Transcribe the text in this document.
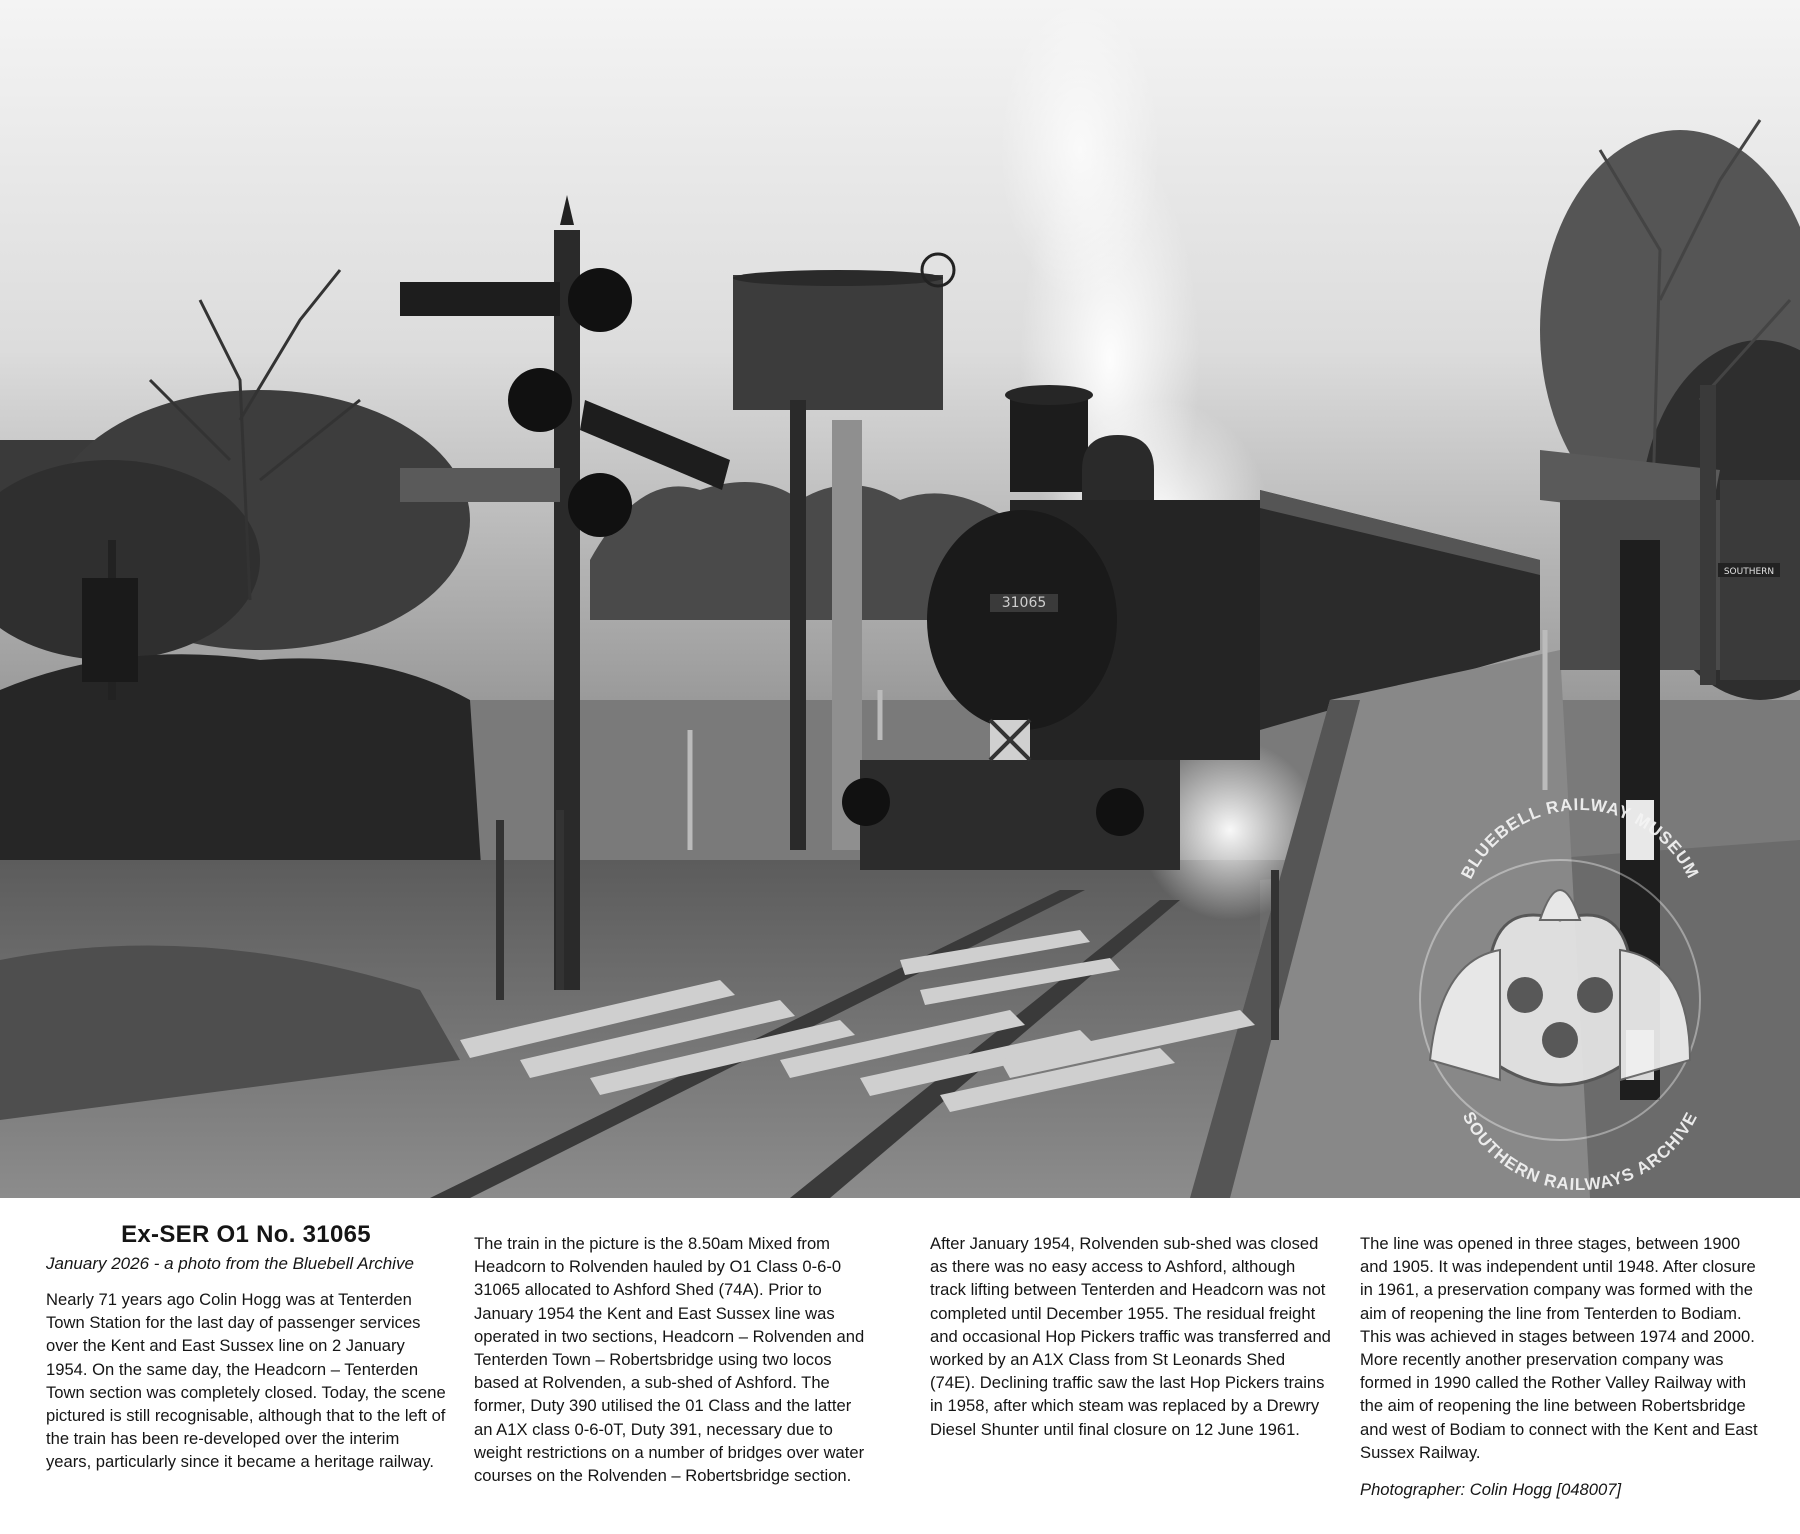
31065
SOUTHERN
BLUEBELL RAILWAY MUSEUM
SOUTHERN RAILWAYS ARCHIVE

Ex-SER O1 No. 31065

January 2026 - a photo from the Bluebell Archive

Nearly 71 years ago Colin Hogg was at Tenterden Town Station for the last day of passenger services over the Kent and East Sussex line on 2 January 1954. On the same day, the Headcorn – Tenterden Town section was completely closed. Today, the scene pictured is still recognisable, although that to the left of the train has been re-developed over the interim years, particularly since it became a heritage railway.

The train in the picture is the 8.50am Mixed from Headcorn to Rolvenden hauled by O1 Class 0-6-0 31065 allocated to Ashford Shed (74A). Prior to January 1954 the Kent and East Sussex line was operated in two sections, Headcorn – Rolvenden and Tenterden Town – Robertsbridge using two locos based at Rolvenden, a sub-shed of Ashford. The former, Duty 390 utilised the 01 Class and the latter an A1X class 0-6-0T, Duty 391, necessary due to weight restrictions on a number of bridges over water courses on the Rolvenden – Robertsbridge section.

After January 1954, Rolvenden sub-shed was closed as there was no easy access to Ashford, although track lifting between Tenterden and Headcorn was not completed until December 1955. The residual freight and occasional Hop Pickers traffic was transferred and worked by an A1X Class from St Leonards Shed (74E). Declining traffic saw the last Hop Pickers trains in 1958, after which steam was replaced by a Drewry Diesel Shunter until final closure on 12 June 1961.

The line was opened in three stages, between 1900 and 1905. It was independent until 1948. After closure in 1961, a preservation company was formed with the aim of reopening the line from Tenterden to Bodiam. This was achieved in stages between 1974 and 2000. More recently another preservation company was formed in 1990 called the Rother Valley Railway with the aim of reopening the line between Robertsbridge and west of Bodiam to connect with the Kent and East Sussex Railway.

Photographer: Colin Hogg [048007]
